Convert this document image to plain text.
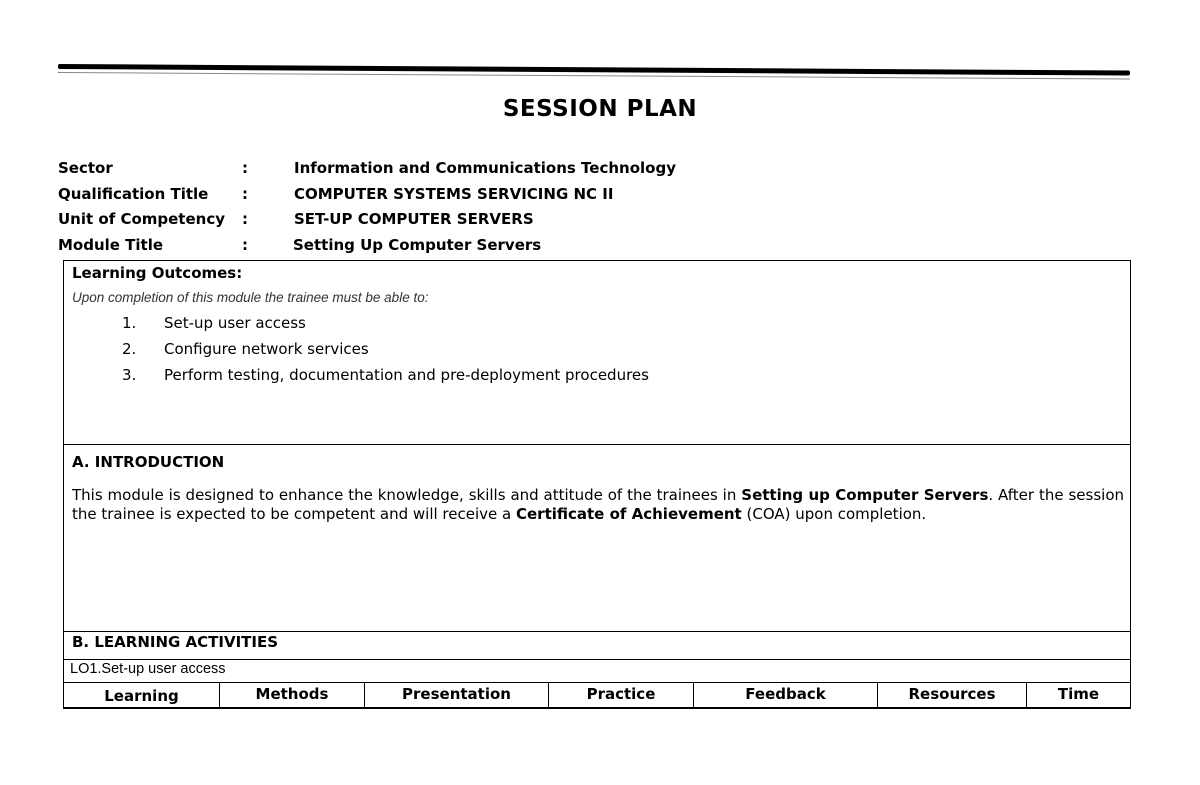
SESSION PLAN
Sector	:	Information and Communications Technology
Qualification Title :	COMPUTER SYSTEMS SERVICING NC II
Unit of Competency :	SET-UP COMPUTER SERVERS
Module Title	:	Setting Up Computer Servers
Learning Outcomes:
Upon completion of this module the trainee must be able to:
1. Set-up user access
2. Configure network services
3. Perform testing, documentation and pre-deployment procedures
A. INTRODUCTION
This module is designed to enhance the knowledge, skills and attitude of the trainees in Setting up Computer Servers. After the session the trainee is expected to be competent and will receive a Certificate of Achievement (COA) upon completion.
B. LEARNING ACTIVITIES
LO1.Set-up user access
Learning	Methods	Presentation	Practice	Feedback	Resources	Time
